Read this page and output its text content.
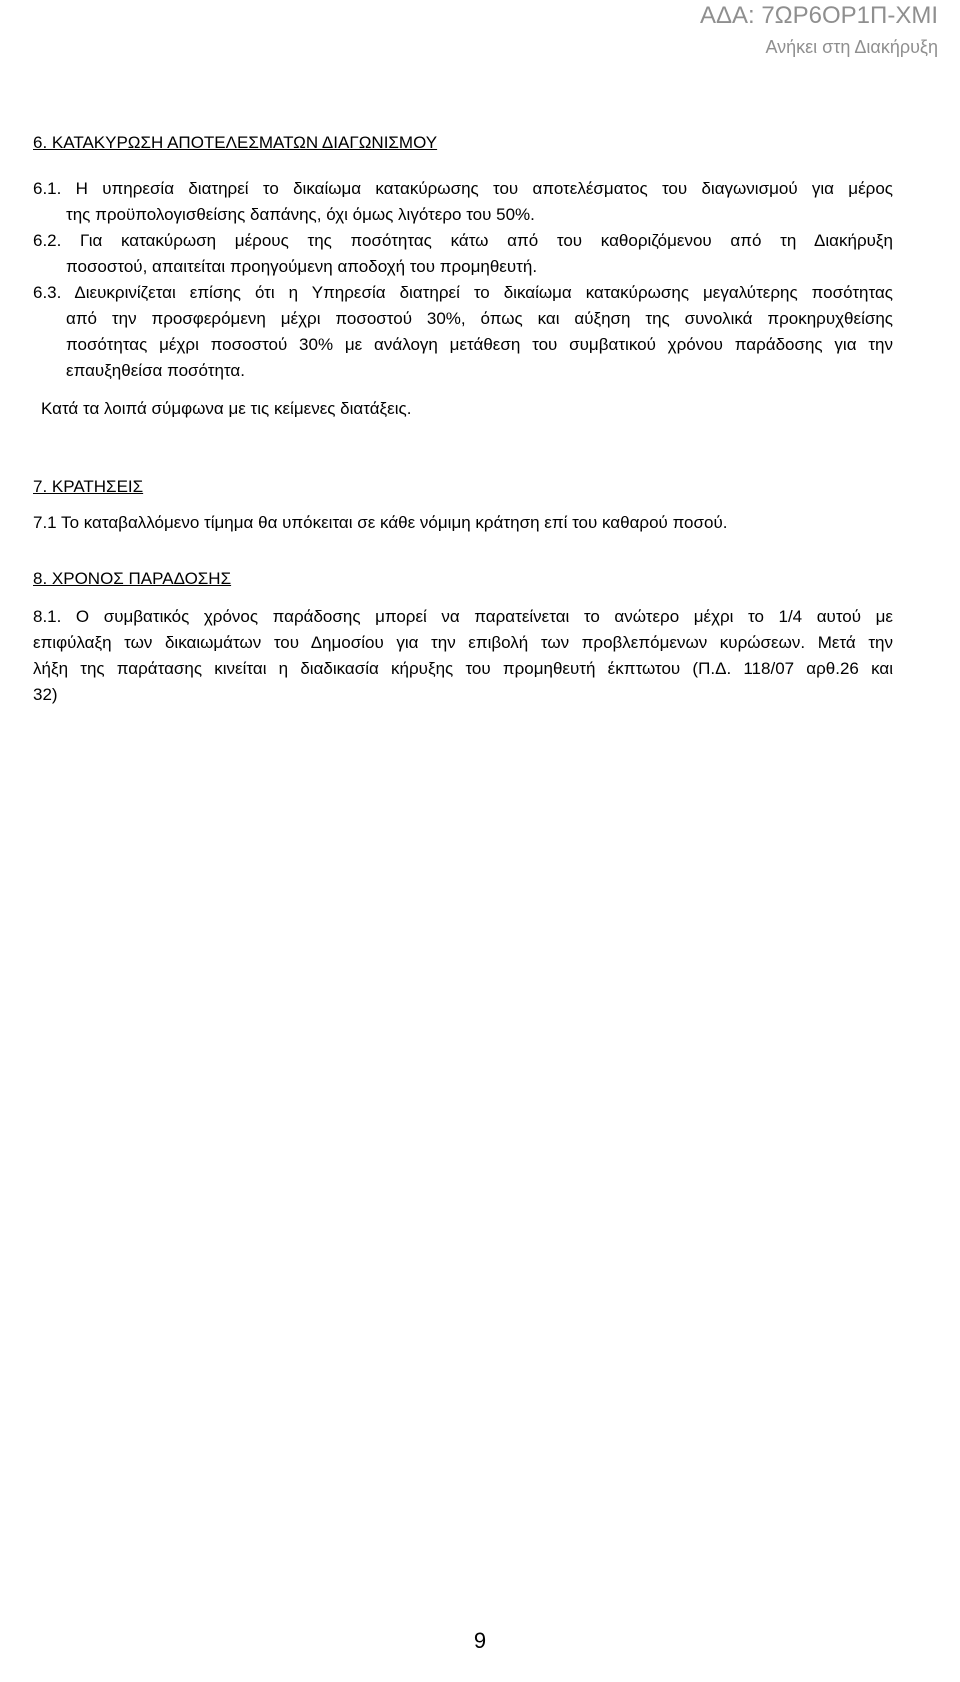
ΑΔΑ: 7ΩΡ6ΟΡ1Π-ΧΜΙ
Ανήκει στη Διακήρυξη
6. ΚΑΤΑΚΥΡΩΣΗ ΑΠΟΤΕΛΕΣΜΑΤΩΝ ΔΙΑΓΩΝΙΣΜΟΥ
6.1. Η υπηρεσία διατηρεί το δικαίωμα κατακύρωσης του αποτελέσματος του διαγωνισμού για μέρος
της προϋπολογισθείσης δαπάνης, όχι όμως λιγότερο του 50%.
6.2. Για κατακύρωση μέρους της ποσότητας κάτω από του καθοριζόμενου από τη Διακήρυξη
ποσοστού, απαιτείται προηγούμενη αποδοχή του προμηθευτή.
6.3. Διευκρινίζεται επίσης ότι η Υπηρεσία διατηρεί το δικαίωμα κατακύρωσης μεγαλύτερης ποσότητας
από την προσφερόμενη μέχρι ποσοστού 30%, όπως και αύξηση της συνολικά προκηρυχθείσης
ποσότητας μέχρι ποσοστού 30% με ανάλογη μετάθεση του συμβατικού χρόνου παράδοσης για την
επαυξηθείσα ποσότητα.
Κατά τα λοιπά σύμφωνα με τις κείμενες διατάξεις.
7. ΚΡΑΤΗΣΕΙΣ
7.1 Το καταβαλλόμενο τίμημα θα υπόκειται σε κάθε νόμιμη κράτηση επί του καθαρού ποσού.
8. ΧΡΟΝΟΣ ΠΑΡΑΔΟΣΗΣ
8.1. Ο συμβατικός χρόνος παράδοσης μπορεί να παρατείνεται το ανώτερο μέχρι το 1/4 αυτού με
επιφύλαξη των δικαιωμάτων του Δημοσίου για την επιβολή των προβλεπόμενων κυρώσεων. Μετά την
λήξη της παράτασης κινείται η διαδικασία κήρυξης του προμηθευτή έκπτωτου (Π.Δ. 118/07 αρθ.26 και
32)
9
